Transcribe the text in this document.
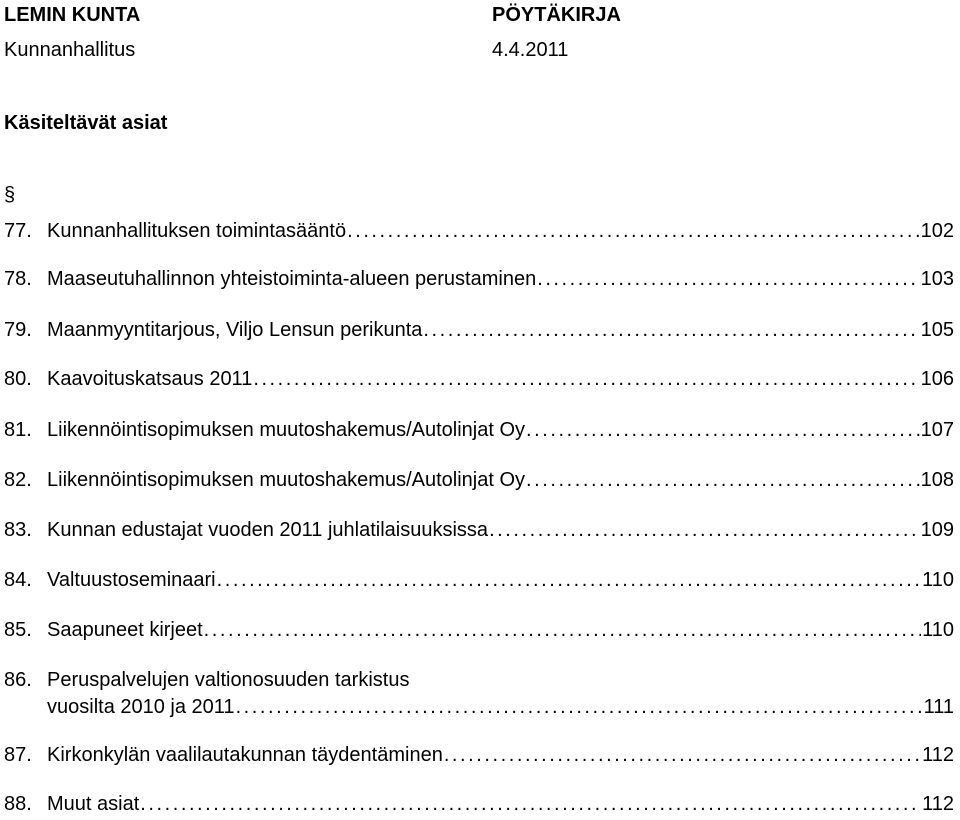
LEMIN KUNTA	PÖYTÄKIRJA
Kunnanhallitus	4.4.2011
Käsiteltävät asiat
§
77. Kunnanhallituksen toimintasääntö . . .	102
78. Maaseutuhallinnon yhteistoiminta-alueen perustaminen . . .	103
79. Maanmyyntitarjous, Viljo Lensun perikunta . . .	105
80. Kaavoituskatsaus 2011 . . .	106
81. Liikennöintisopimuksen muutoshakemus/Autolinjat Oy . . .	107
82. Liikennöintisopimuksen muutoshakemus/Autolinjat Oy . . .	108
83. Kunnan edustajat vuoden 2011 juhlatilaisuuksissa . . .	109
84. Valtuustoseminaari . . .	110
85. Saapuneet kirjeet . . .	110
86. Peruspalvelujen valtionosuuden tarkistus
vuosilta 2010 ja 2011 . . .	111
87. Kirkonkylän vaalilautakunnan täydentäminen . . .	112
88. Muut asiat . . .	112
